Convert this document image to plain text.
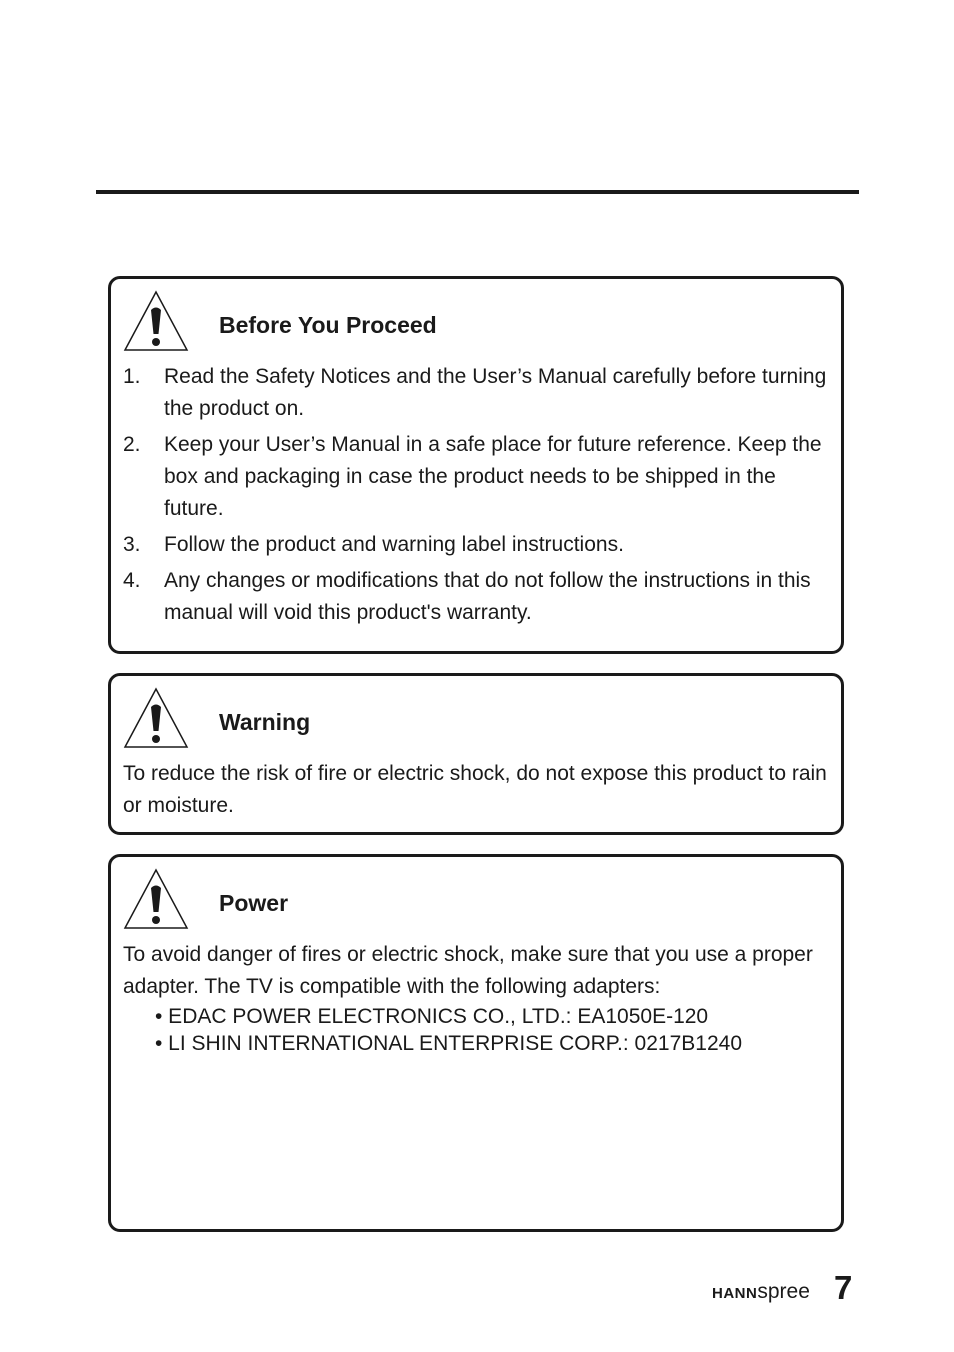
Before You Proceed
1. Read the Safety Notices and the User’s Manual carefully before turning the product on.
2. Keep your User’s Manual in a safe place for future reference. Keep the box and packaging in case the product needs to be shipped in the future.
3. Follow the product and warning label instructions.
4. Any changes or modifications that do not follow the instructions in this manual will void this product's warranty.
Warning

To reduce the risk of fire or electric shock, do not expose this product to rain or moisture.

Power

To avoid danger of fires or electric shock, make sure that you use a proper adapter. The TV is compatible with the following adapters:

• EDAC POWER ELECTRONICS CO., LTD.: EA1050E-120
• LI SHIN INTERNATIONAL ENTERPRISE CORP.: 0217B1240
HANN spree 7
